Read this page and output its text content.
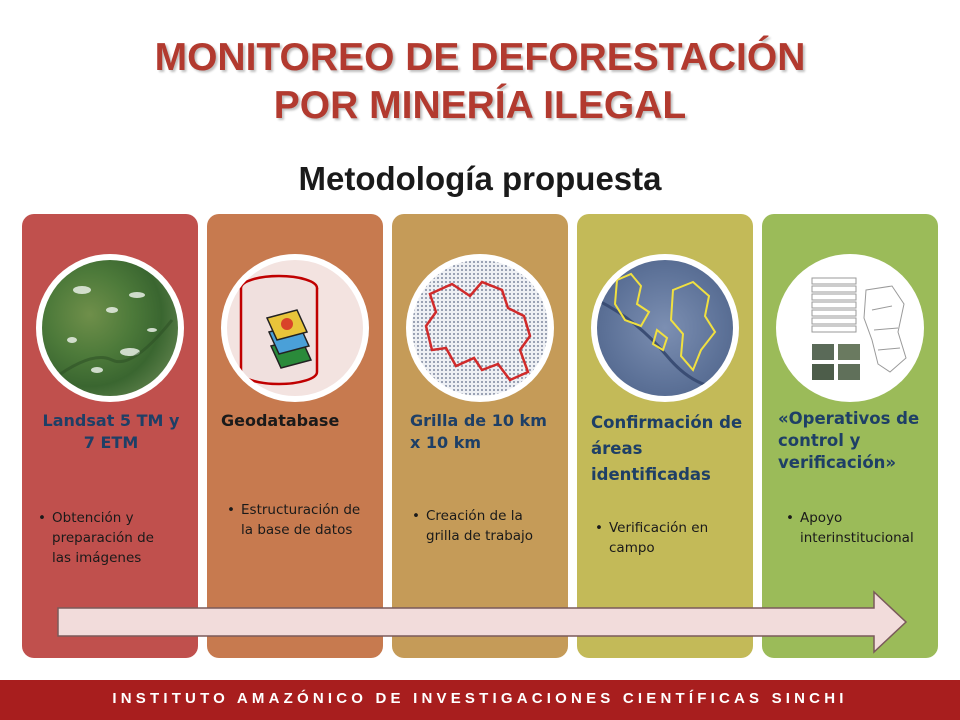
MONITOREO DE DEFORESTACIÓN
POR MINERÍA ILEGAL
Metodología propuesta
Landsat 5 TM y 7 ETM
• Obtención y preparación de las imágenes
Geodatabase
• Estructuración de la base de datos
Grilla de 10 km x 10 km
• Creación de la grilla de trabajo
Confirmación de áreas identificadas
• Verificación en campo
«Operativos de control y verificación»
• Apoyo interinstitucional
INSTITUTO AMAZÓNICO DE INVESTIGACIONES CIENTÍFICAS SINCHI
